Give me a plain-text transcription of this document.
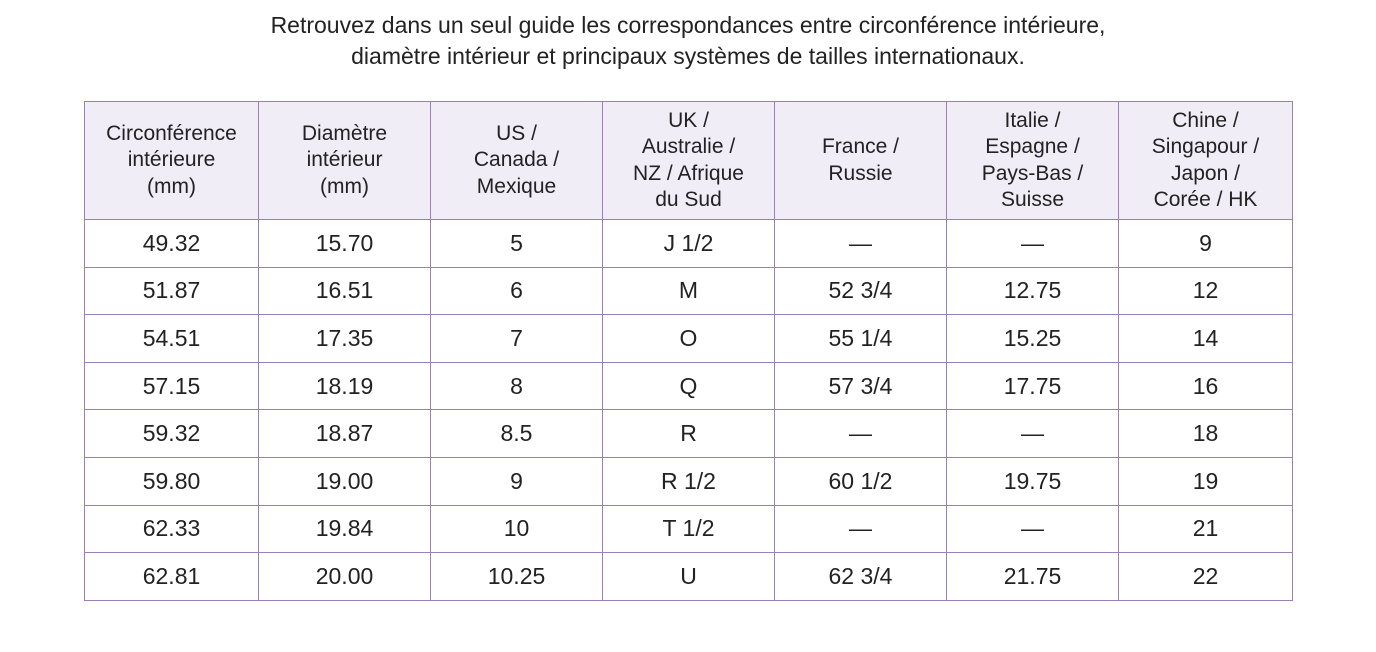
Retrouvez dans un seul guide les correspondances entre circonférence intérieure,
diamètre intérieur et principaux systèmes de tailles internationaux.
Circonférence
intérieure
(mm)	Diamètre
intérieur
(mm)	US /
Canada /
Mexique	UK /
Australie /
NZ / Afrique
du Sud	France /
Russie	Italie /
Espagne /
Pays-Bas /
Suisse	Chine /
Singapour /
Japon /
Corée / HK

49.32	15.70	5	J 1/2	—	—	9
51.87	16.51	6	M	52 3/4	12.75	12
54.51	17.35	7	O	55 1/4	15.25	14
57.15	18.19	8	Q	57 3/4	17.75	16
59.32	18.87	8.5	R	—	—	18
59.80	19.00	9	R 1/2	60 1/2	19.75	19
62.33	19.84	10	T 1/2	—	—	21
62.81	20.00	10.25	U	62 3/4	21.75	22
